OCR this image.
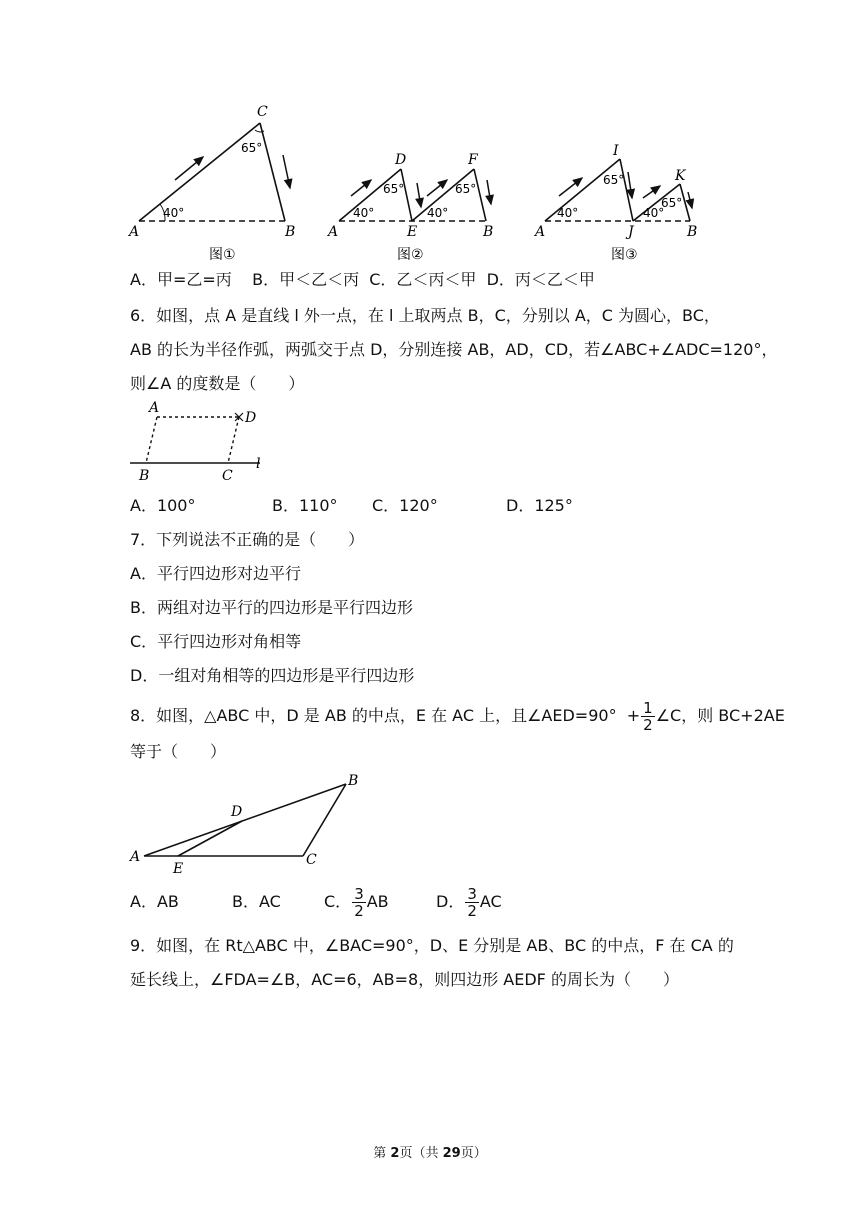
40°
65°
A
C
B
图①
40°
65°
40°
65°
A
D
E
F
B
图②
40°
65°
40°
65°
A
I
J
K
B
图③
A．甲=乙=丙    B．甲＜乙＜丙  C．乙＜丙＜甲  D．丙＜乙＜甲
6．如图，点 A 是直线 l 外一点，在 l 上取两点 B，C，分别以 A，C 为圆心，BC，
AB 的长为半径作弧，两弧交于点 D，分别连接 AB，AD，CD，若∠ABC+∠ADC=120°，
则∠A 的度数是（　　）
A
D
B	C
l
A．100°	B．110° C．120°	D．125°
7．下列说法不正确的是（　　）
A．平行四边形对边平行
B．两组对边平行的四边形是平行四边形
C．平行四边形对角相等
D．一组对角相等的四边形是平行四边形
8．如图，△ABC 中，D 是 AB 的中点，E 在 AC 上，且∠AED=90°  + $\frac{1}{2}$ ∠C，则 BC+2AE
等于（　　）
A
B
C
D
E
A．AB	B．AC	C． $\frac{3}{2}$ AB	D． $\frac{3}{2}$ AC
9．如图，在 Rt△ABC 中，∠BAC=90°，D、E 分别是 AB、BC 的中点，F 在 CA 的
延长线上，∠FDA=∠B，AC=6，AB=8，则四边形 AEDF 的周长为（　　）
第 2页（共 29页）
